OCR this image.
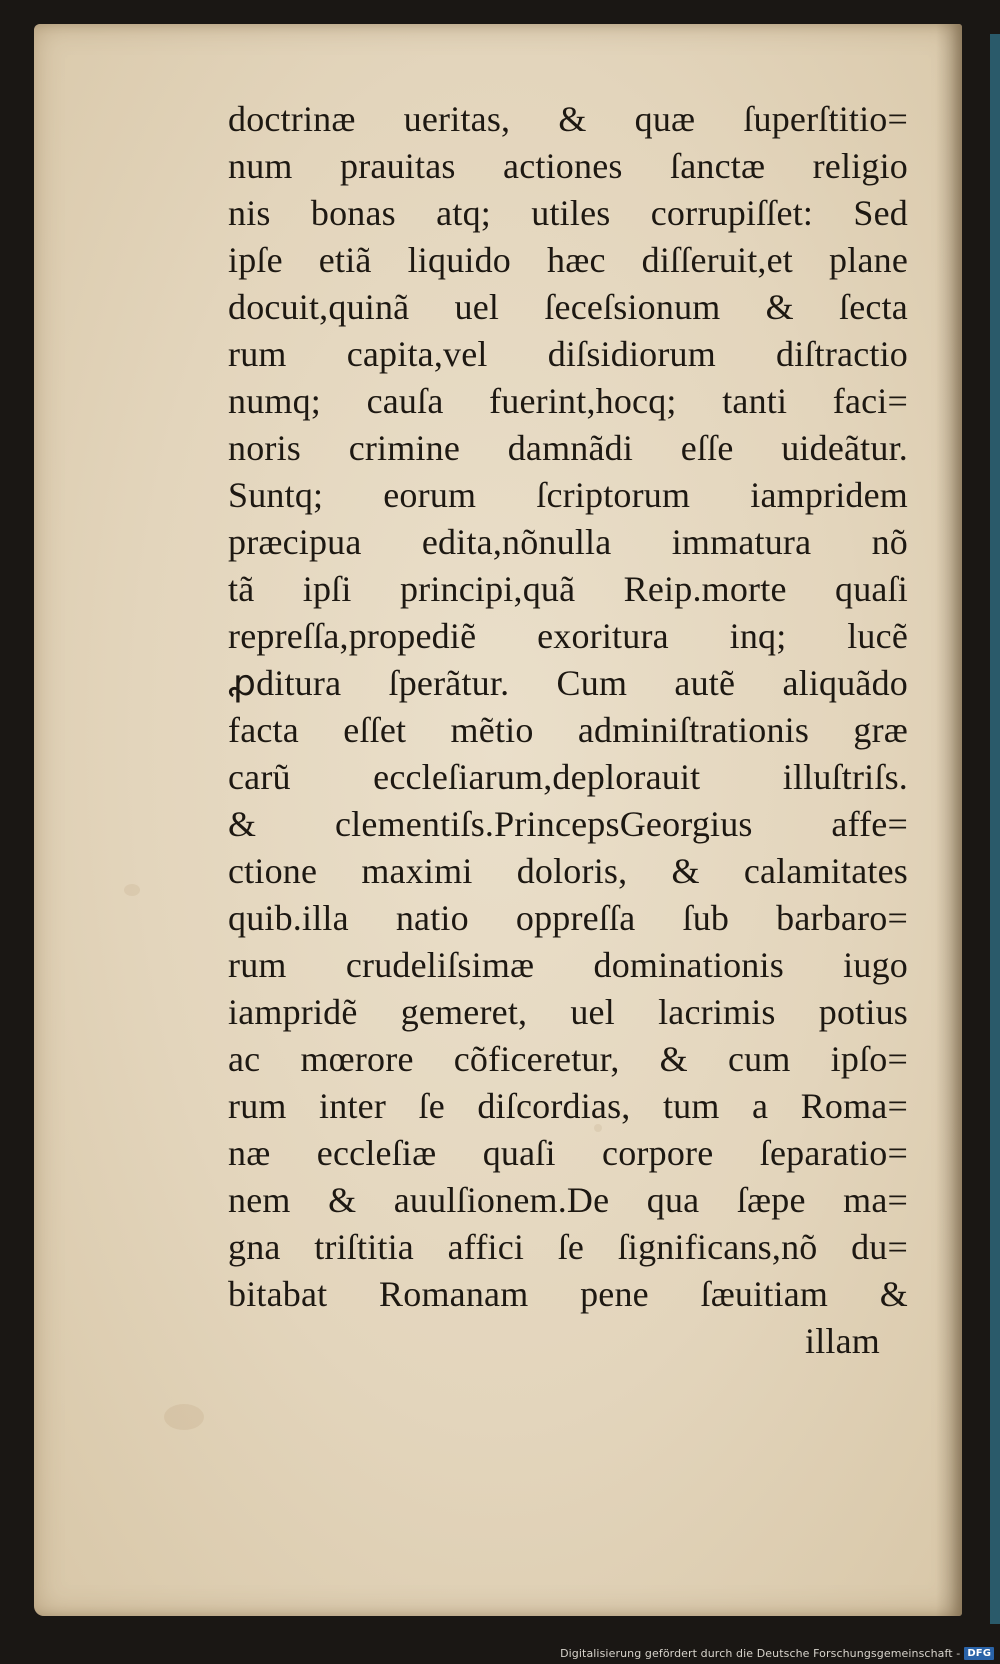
doctrinæ ueritas, & quæ ſuperſtitio=
num prauitas actiones ſanctæ religio
nis bonas atq; utiles corrupiſſet: Sed
ipſe etiã liquido hæc diſſeruit,et plane
docuit,quinã uel ſeceſsionum & ſecta
rum capita,vel diſsidiorum diſtractio
numq; cauſa fuerint,hocq; tanti faci=
noris crimine damnãdi eſſe uideãtur.
Suntq; eorum ſcriptorum iampridem
præcipua edita,nõnulla immatura nõ
tã ipſi principi,quã Reip.morte quaſi
repreſſa,propediẽ exoritura inq; lucẽ
ꝓditura ſperãtur. Cum autẽ aliquãdo
facta eſſet mẽtio adminiſtrationis græ
carũ eccleſiarum,deplorauit illuſtriſs.
& clementiſs.PrincepsGeorgius affe=
ctione maximi doloris, & calamitates
quib.illa natio oppreſſa ſub barbaro=
rum crudeliſsimæ dominationis iugo
iampridẽ gemeret, uel lacrimis potius
ac mœrore cõficeretur, & cum ipſo=
rum inter ſe diſcordias, tum a Roma=
næ eccleſiæ quaſi corpore ſeparatio=
nem & auulſionem.De qua ſæpe ma=
gna triſtitia affici ſe ſignificans,nõ du=
bitabat Romanam pene ſæuitiam &
illam
Digitalisierung gefördert durch die Deutsche Forschungsgemeinschaft - DFG
